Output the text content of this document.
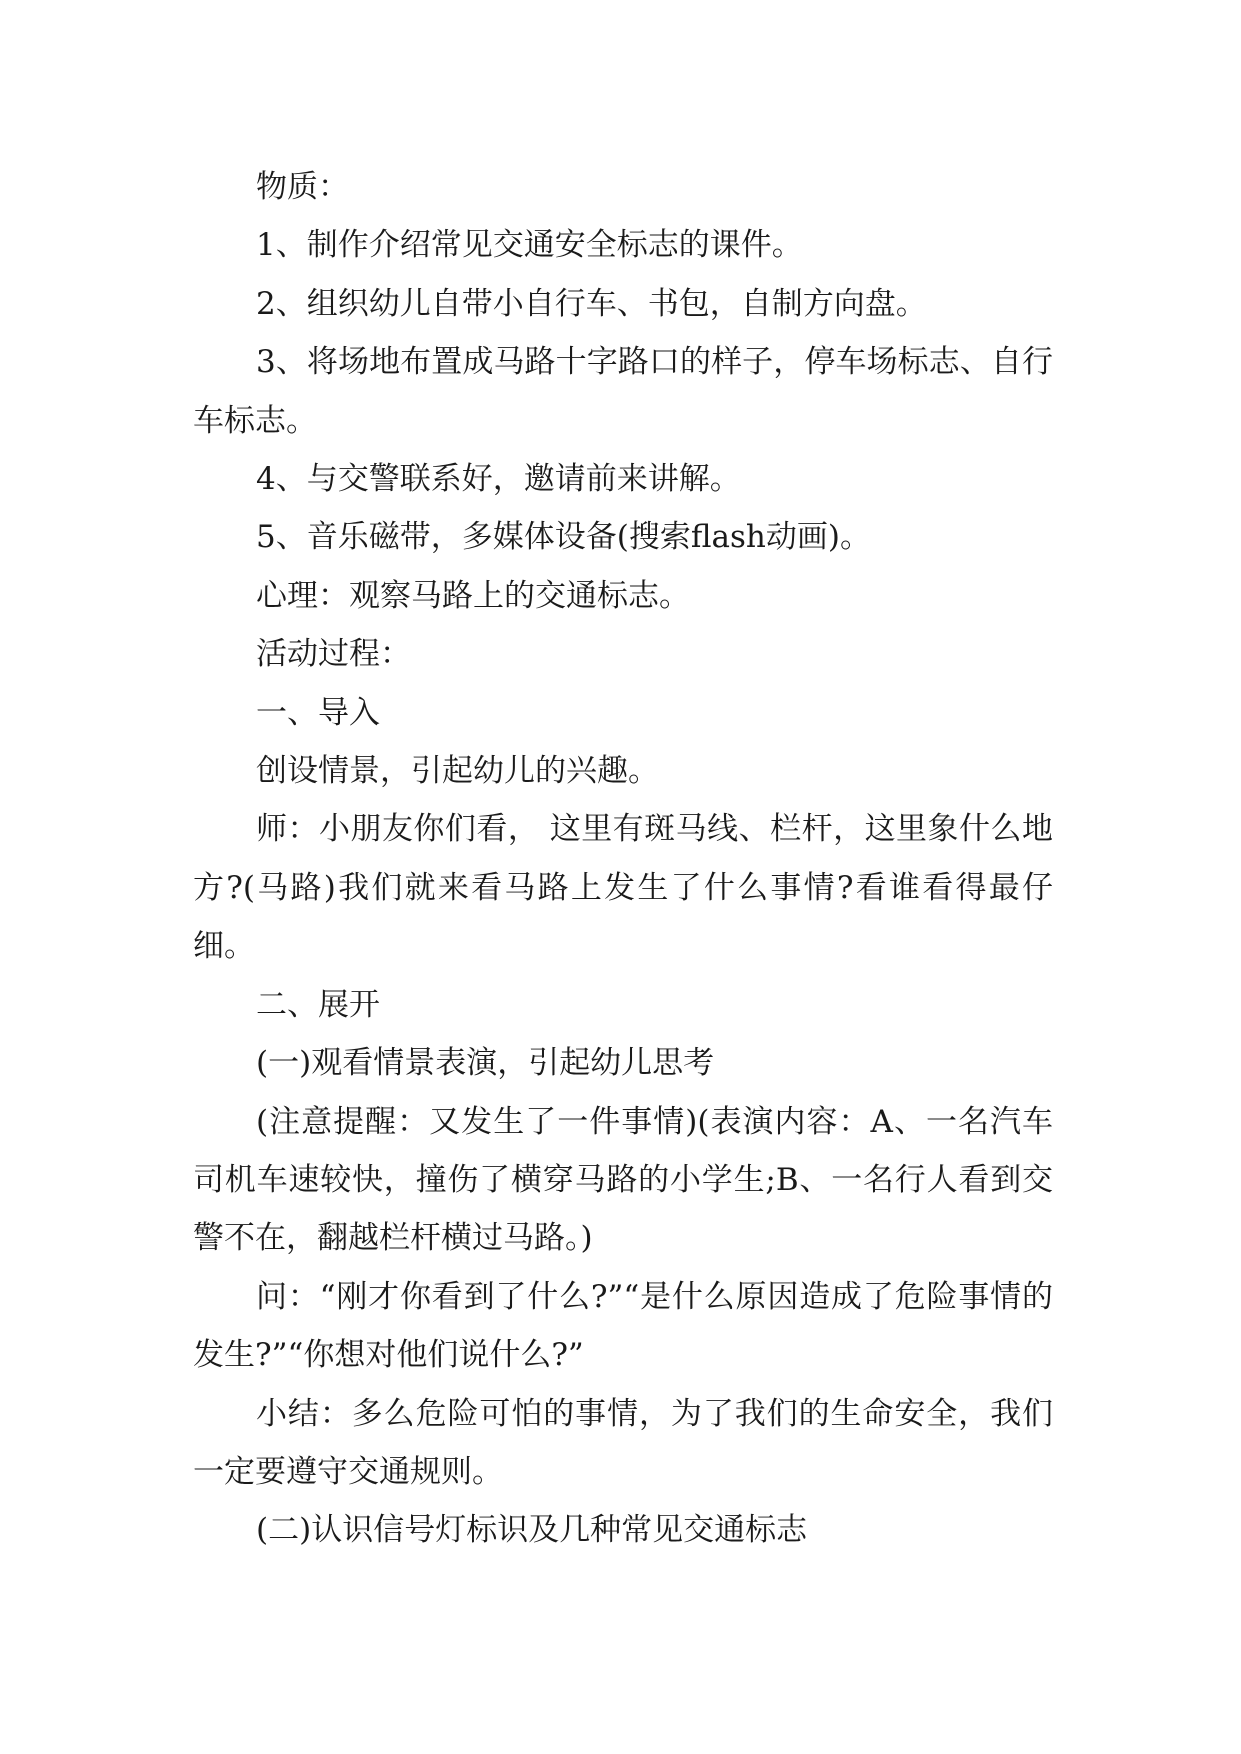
物质：

1、制作介绍常见交通安全标志的课件。

2、组织幼儿自带小自行车、书包，自制方向盘。

3、将场地布置成马路十字路口的样子，停车场标志、自行车标志。

4、与交警联系好，邀请前来讲解。

5、音乐磁带，多媒体设备(搜索flash动画)。

心理：观察马路上的交通标志。

活动过程：

一、导入

创设情景，引起幼儿的兴趣。

师：小朋友你们看， 这里有斑马线、栏杆，这里象什么地方?(马路)我们就来看马路上发生了什么事情?看谁看得最仔细。

二、展开

(一)观看情景表演，引起幼儿思考

(注意提醒：又发生了一件事情)(表演内容：A、一名汽车司机车速较快，撞伤了横穿马路的小学生;B、一名行人看到交警不在，翻越栏杆横过马路。)

问：“刚才你看到了什么?”“是什么原因造成了危险事情的发生?”“你想对他们说什么?”

小结：多么危险可怕的事情，为了我们的生命安全，我们一定要遵守交通规则。

(二)认识信号灯标识及几种常见交通标志
